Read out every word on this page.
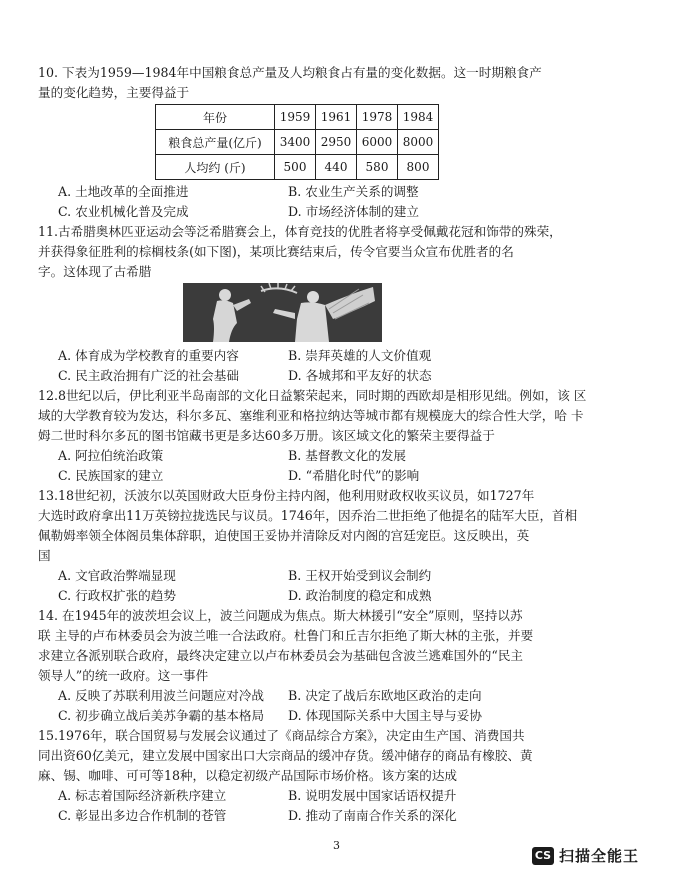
10. 下表为1959—1984年中国粮食总产量及人均粮食占有量的变化数据。这一时期粮食产

量的变化趋势，主要得益于

年份	1959	1961	1978	1984
粮食总产量(亿斤)	3400	2950	6000	8000
人均约 (斤)	500	440	580	800
A. 土地改革的全面推进	B. 农业生产关系的调整
C. 农业机械化普及完成	D. 市场经济体制的建立

11.古希腊奥林匹亚运动会等泛希腊赛会上，体育竞技的优胜者将享受佩戴花冠和饰带的殊荣，

并获得象征胜利的棕榈枝条(如下图)，某项比赛结束后，传令官要当众宣布优胜者的名

字。这体现了古希腊

A. 体育成为学校教育的重要内容	B. 崇拜英雄的人文价值观
C. 民主政治拥有广泛的社会基础	D. 各城邦和平友好的状态

12.8世纪以后，伊比利亚半岛南部的文化日益繁荣起来，同时期的西欧却是相形见绌。例如，该 区

域的大学教育较为发达，科尔多瓦、塞维利亚和格拉纳达等城市都有规模庞大的综合性大学，哈 卡

姆二世时科尔多瓦的图书馆藏书更是多达60多万册。该区域文化的繁荣主要得益于

A. 阿拉伯统治政策	B. 基督教文化的发展
C. 民族国家的建立	D. “希腊化时代”的影响

13.18世纪初，沃波尔以英国财政大臣身份主持内阁，他利用财政权收买议员，如1727年

大选时政府拿出11万英镑拉拢选民与议员。1746年，因乔治二世拒绝了他提名的陆军大臣，首相

佩勒姆率领全体阁员集体辞职，迫使国王妥协并清除反对内阁的宫廷宠臣。这反映出，英

国

A. 文官政治弊端显现	B. 王权开始受到议会制约
C. 行政权扩张的趋势	D. 政治制度的稳定和成熟

14. 在1945年的波茨坦会议上，波兰问题成为焦点。斯大林援引“安全”原则，坚持以苏

联 主导的卢布林委员会为波兰唯一合法政府。杜鲁门和丘吉尔拒绝了斯大林的主张，并要

求建立各派别联合政府，最终决定建立以卢布林委员会为基础包含波兰逃难国外的“民主

领导人”的统一政府。这一事件

A. 反映了苏联利用波兰问题应对冷战	B. 决定了战后东欧地区政治的走向
C. 初步确立战后美苏争霸的基本格局	D. 体现国际关系中大国主导与妥协

15.1976年，联合国贸易与发展会议通过了《商品综合方案》，决定由生产国、消费国共

同出资60亿美元，建立发展中国家出口大宗商品的缓冲存货。缓冲储存的商品有橡胶、黄

麻、锡、咖啡、可可等18种，以稳定初级产品国际市场价格。该方案的达成

A. 标志着国际经济新秩序建立	B. 说明发展中国家话语权提升
C. 彰显出多边合作机制的苍管	D. 推动了南南合作关系的深化
3
CS 扫描全能王
